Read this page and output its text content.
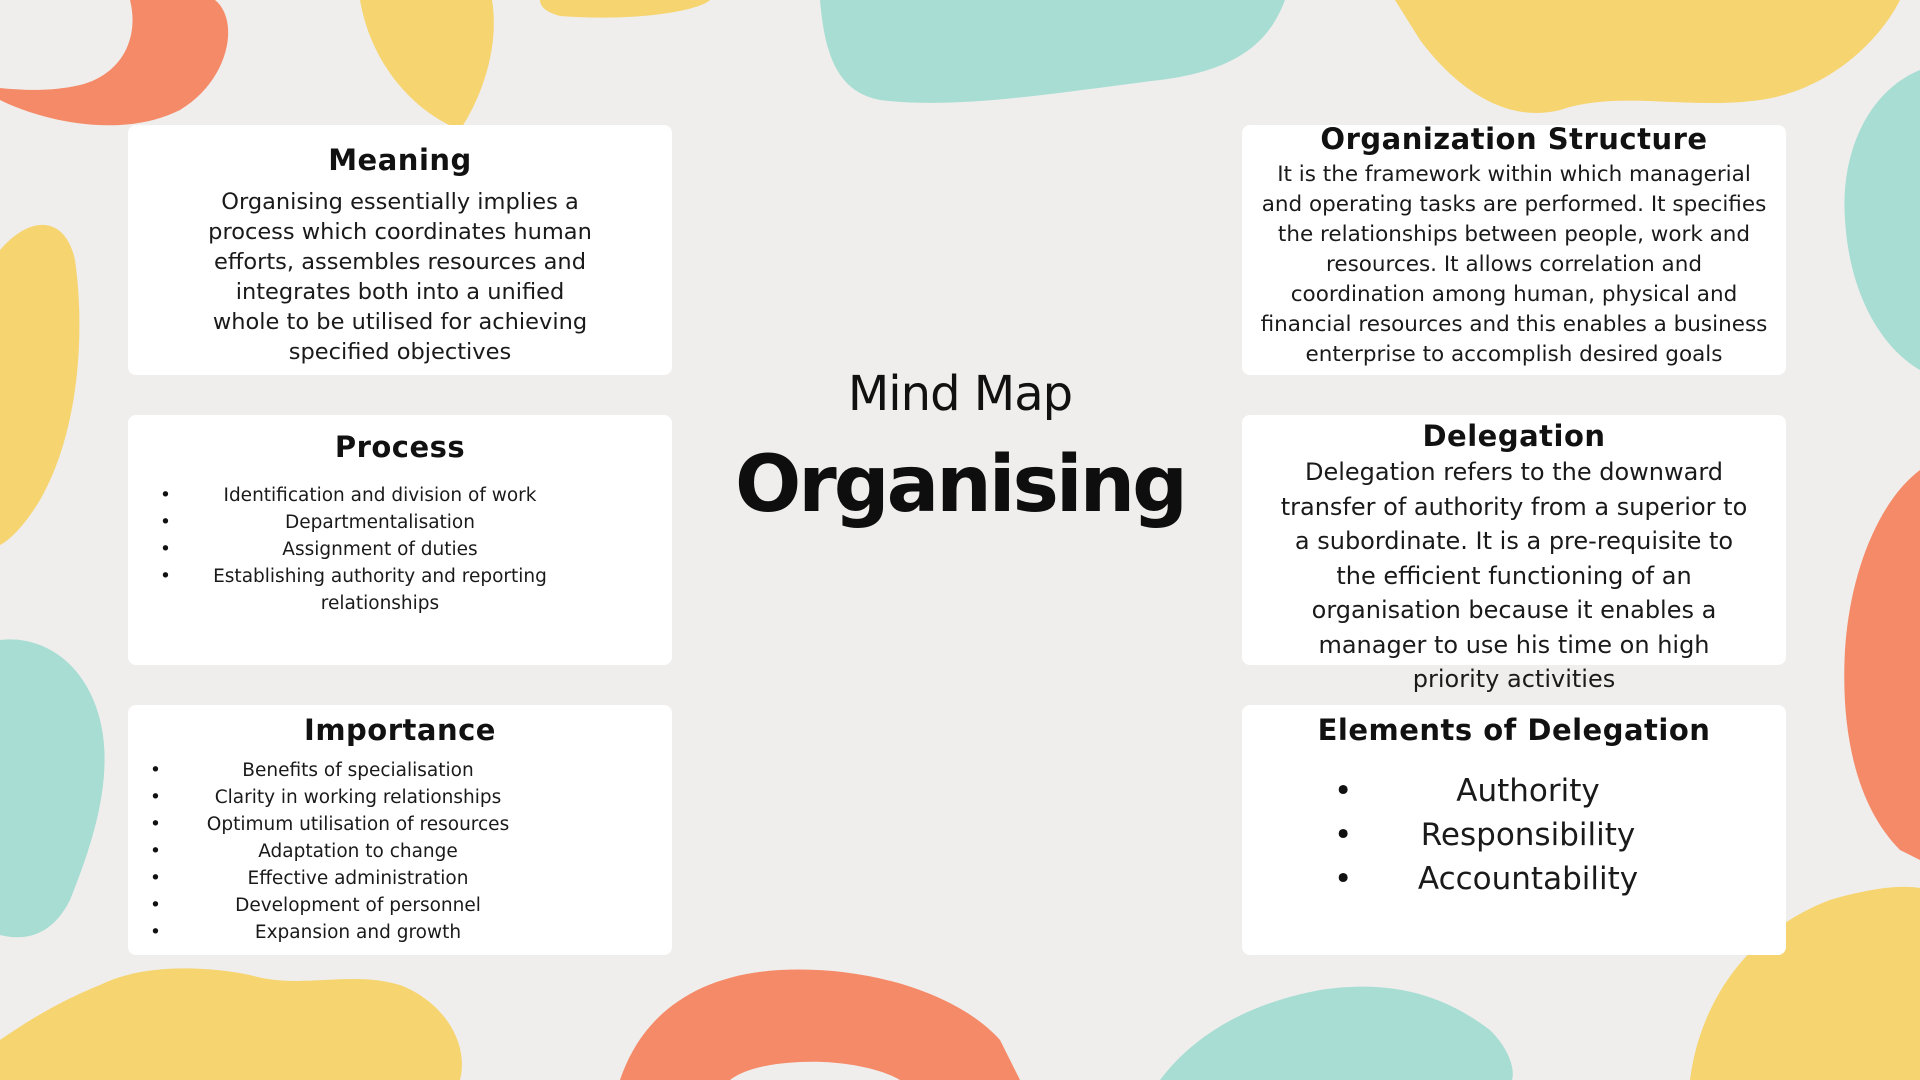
Meaning

Organising essentially implies a process which coordinates human efforts, assembles resources and integrates both into a unified whole to be utilised for achieving specified objectives

Process
• Identification and division of work
• Departmentalisation
• Assignment of duties
• Establishing authority and reporting relationships
Importance
• Benefits of specialisation
• Clarity in working relationships
• Optimum utilisation of resources
• Adaptation to change
• Effective administration
• Development of personnel
• Expansion and growth
Mind Map
Organising
Organization Structure

It is the framework within which managerial and operating tasks are performed. It specifies the relationships between people, work and resources. It allows correlation and coordination among human, physical and financial resources and this enables a business enterprise to accomplish desired goals

Delegation

Delegation refers to the downward transfer of authority from a superior to a subordinate. It is a pre-requisite to the efficient functioning of an organisation because it enables a manager to use his time on high priority activities

Elements of Delegation
• Authority
• Responsibility
• Accountability
